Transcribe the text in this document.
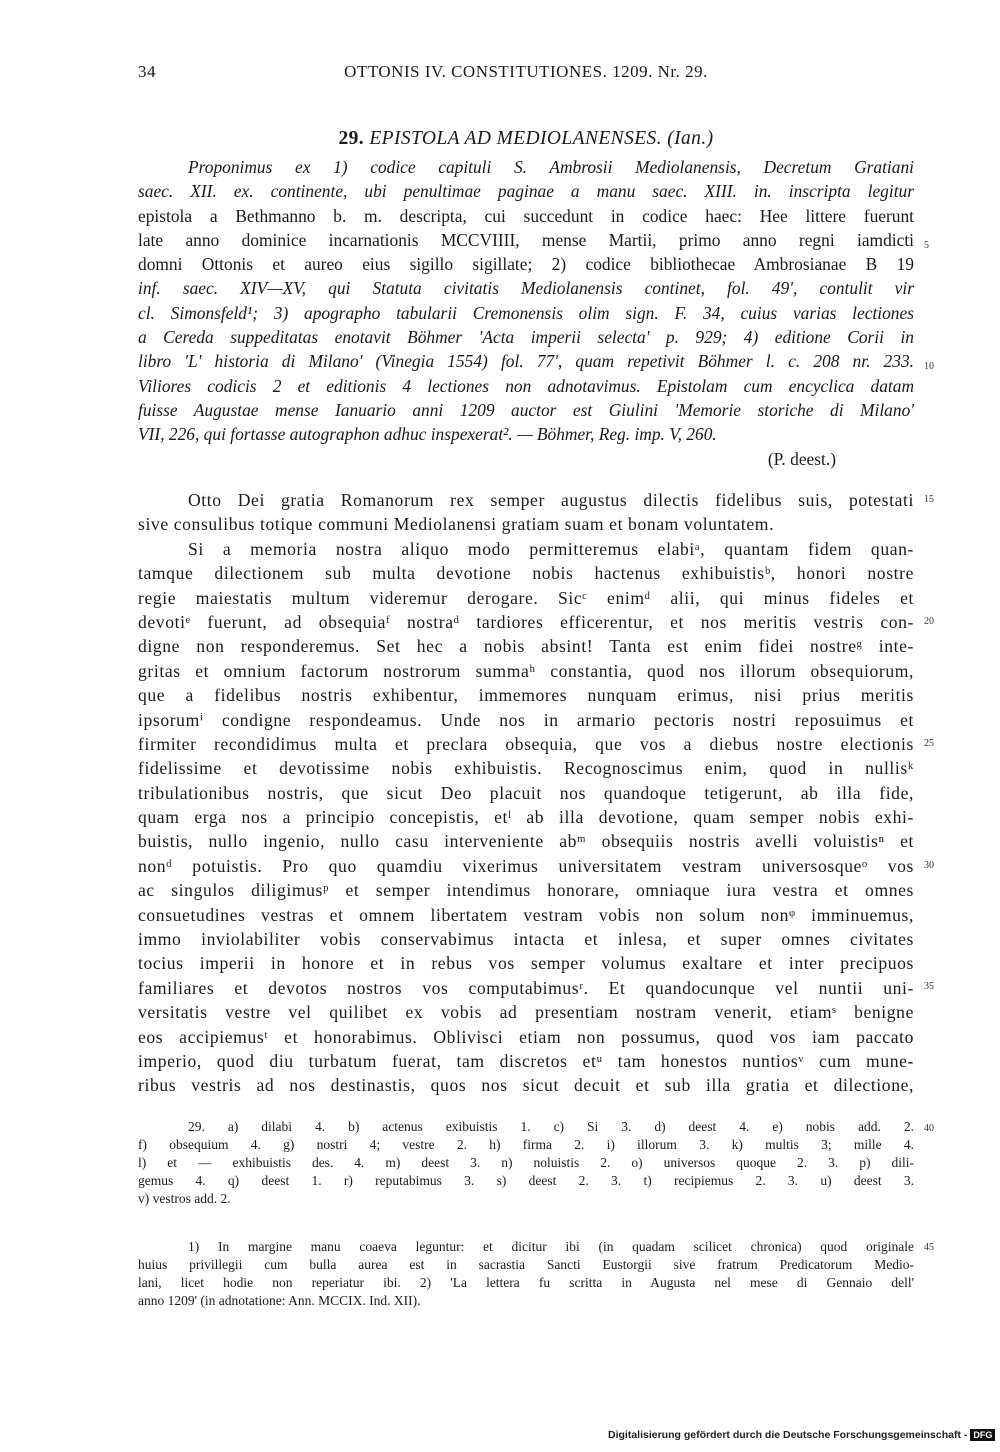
34	OTTONIS IV. CONSTITUTIONES. 1209. Nr. 29.
29. EPISTOLA AD MEDIOLANENSES. (Ian.)
Proponimus ex 1) codice capituli S. Ambrosii Mediolanensis, Decretum Gratiani
saec. XII. ex. continente, ubi penultimae paginae a manu saec. XIII. in. inscripta legitur
epistola a Bethmanno b. m. descripta, cui succedunt in codice haec: Hee littere fuerunt
late anno dominice incarnationis MCCVIIII, mense Martii, primo anno regni iamdicti
domni Ottonis et aureo eius sigillo sigillate; 2) codice bibliothecae Ambrosianae B 19
inf. saec. XIV—XV, qui Statuta civitatis Mediolanensis continet, fol. 49', contulit vir
cl. Simonsfeld¹; 3) apographo tabularii Cremonensis olim sign. F. 34, cuius varias lectiones
a Cereda suppeditatas enotavit Böhmer 'Acta imperii selecta' p. 929; 4) editione Corii in
libro 'L' historia di Milano' (Vinegia 1554) fol. 77', quam repetivit Böhmer l. c. 208 nr. 233.
Viliores codicis 2 et editionis 4 lectiones non adnotavimus. Epistolam cum encyclica datam
fuisse Augustae mense Ianuario anni 1209 auctor est Giulini 'Memorie storiche di Milano'
VII, 226, qui fortasse autographon adhuc inspexerat². — Böhmer, Reg. imp. V, 260.
(P. deest.)
Otto Dei gratia Romanorum rex semper augustus dilectis fidelibus suis, potestati
sive consulibus totique communi Mediolanensi gratiam suam et bonam voluntatem.
Si a memoria nostra aliquo modo permitteremus elabiᵃ, quantam fidem quan-
tamque dilectionem sub multa devotione nobis hactenus exhibuistisᵇ, honori nostre
regie maiestatis multum videremur derogare. Sicᶜ enimᵈ alii, qui minus fideles et
devotiᵉ fuerunt, ad obsequiaᶠ nostraᵈ tardiores efficerentur, et nos meritis vestris con-
digne non responderemus. Set hec a nobis absint! Tanta est enim fidei nostreᵍ inte-
gritas et omnium factorum nostrorum summaʰ constantia, quod nos illorum obsequiorum,
que a fidelibus nostris exhibentur, immemores nunquam erimus, nisi prius meritis
ipsorumⁱ condigne respondeamus. Unde nos in armario pectoris nostri reposuimus et
firmiter recondidimus multa et preclara obsequia, que vos a diebus nostre electionis
fidelissime et devotissime nobis exhibuistis. Recognoscimus enim, quod in nullisᵏ
tribulationibus nostris, que sicut Deo placuit nos quandoque tetigerunt, ab illa fide,
quam erga nos a principio concepistis, etˡ ab illa devotione, quam semper nobis exhi-
buistis, nullo ingenio, nullo casu interveniente abᵐ obsequiis nostris avelli voluistisⁿ et
nonᵈ potuistis. Pro quo quamdiu vixerimus universitatem vestram universosqueᵒ vos
ac singulos diligimusᵖ et semper intendimus honorare, omniaque iura vestra et omnes
consuetudines vestras et omnem libertatem vestram vobis non solum nonᵠ imminuemus,
immo inviolabiliter vobis conservabimus intacta et inlesa, et super omnes civitates
tocius imperii in honore et in rebus vos semper volumus exaltare et inter precipuos
familiares et devotos nostros vos computabimusʳ. Et quandocunque vel nuntii uni-
versitatis vestre vel quilibet ex vobis ad presentiam nostram venerit, etiamˢ benigne
eos accipiemusᵗ et honorabimus. Oblivisci etiam non possumus, quod vos iam paccato
imperio, quod diu turbatum fuerat, tam discretos etᵘ tam honestos nuntiosᵛ cum mune-
ribus vestris ad nos destinastis, quos nos sicut decuit et sub illa gratia et dilectione,
29. a) dilabi 4. b) actenus exibuistis 1. c) Si 3. d) deest 4. e) nobis add. 2.
f) obsequium 4. g) nostri 4; vestre 2. h) firma 2. i) illorum 3. k) multis 3; mille 4.
l) et — exhibuistis des. 4. m) deest 3. n) noluistis 2. o) universos quoque 2. 3. p) dili-
gemus 4. q) deest 1. r) reputabimus 3. s) deest 2. 3. t) recipiemus 2. 3. u) deest 3.
v) vestros add. 2.
1) In margine manu coaeva leguntur: et dicitur ibi (in quadam scilicet chronica) quod originale
huius privillegii cum bulla aurea est in sacrastia Sancti Eustorgii sive fratrum Predicatorum Medio-
lani, licet hodie non reperiatur ibi. 2) 'La lettera fu scritta in Augusta nel mese di Gennaio dell'
anno 1209' (in adnotatione: Ann. MCCIX. Ind. XII).
5
10
15
20
25
30
35
40
45
Digitalisierung gefördert durch die Deutsche Forschungsgemeinschaft - DFG
